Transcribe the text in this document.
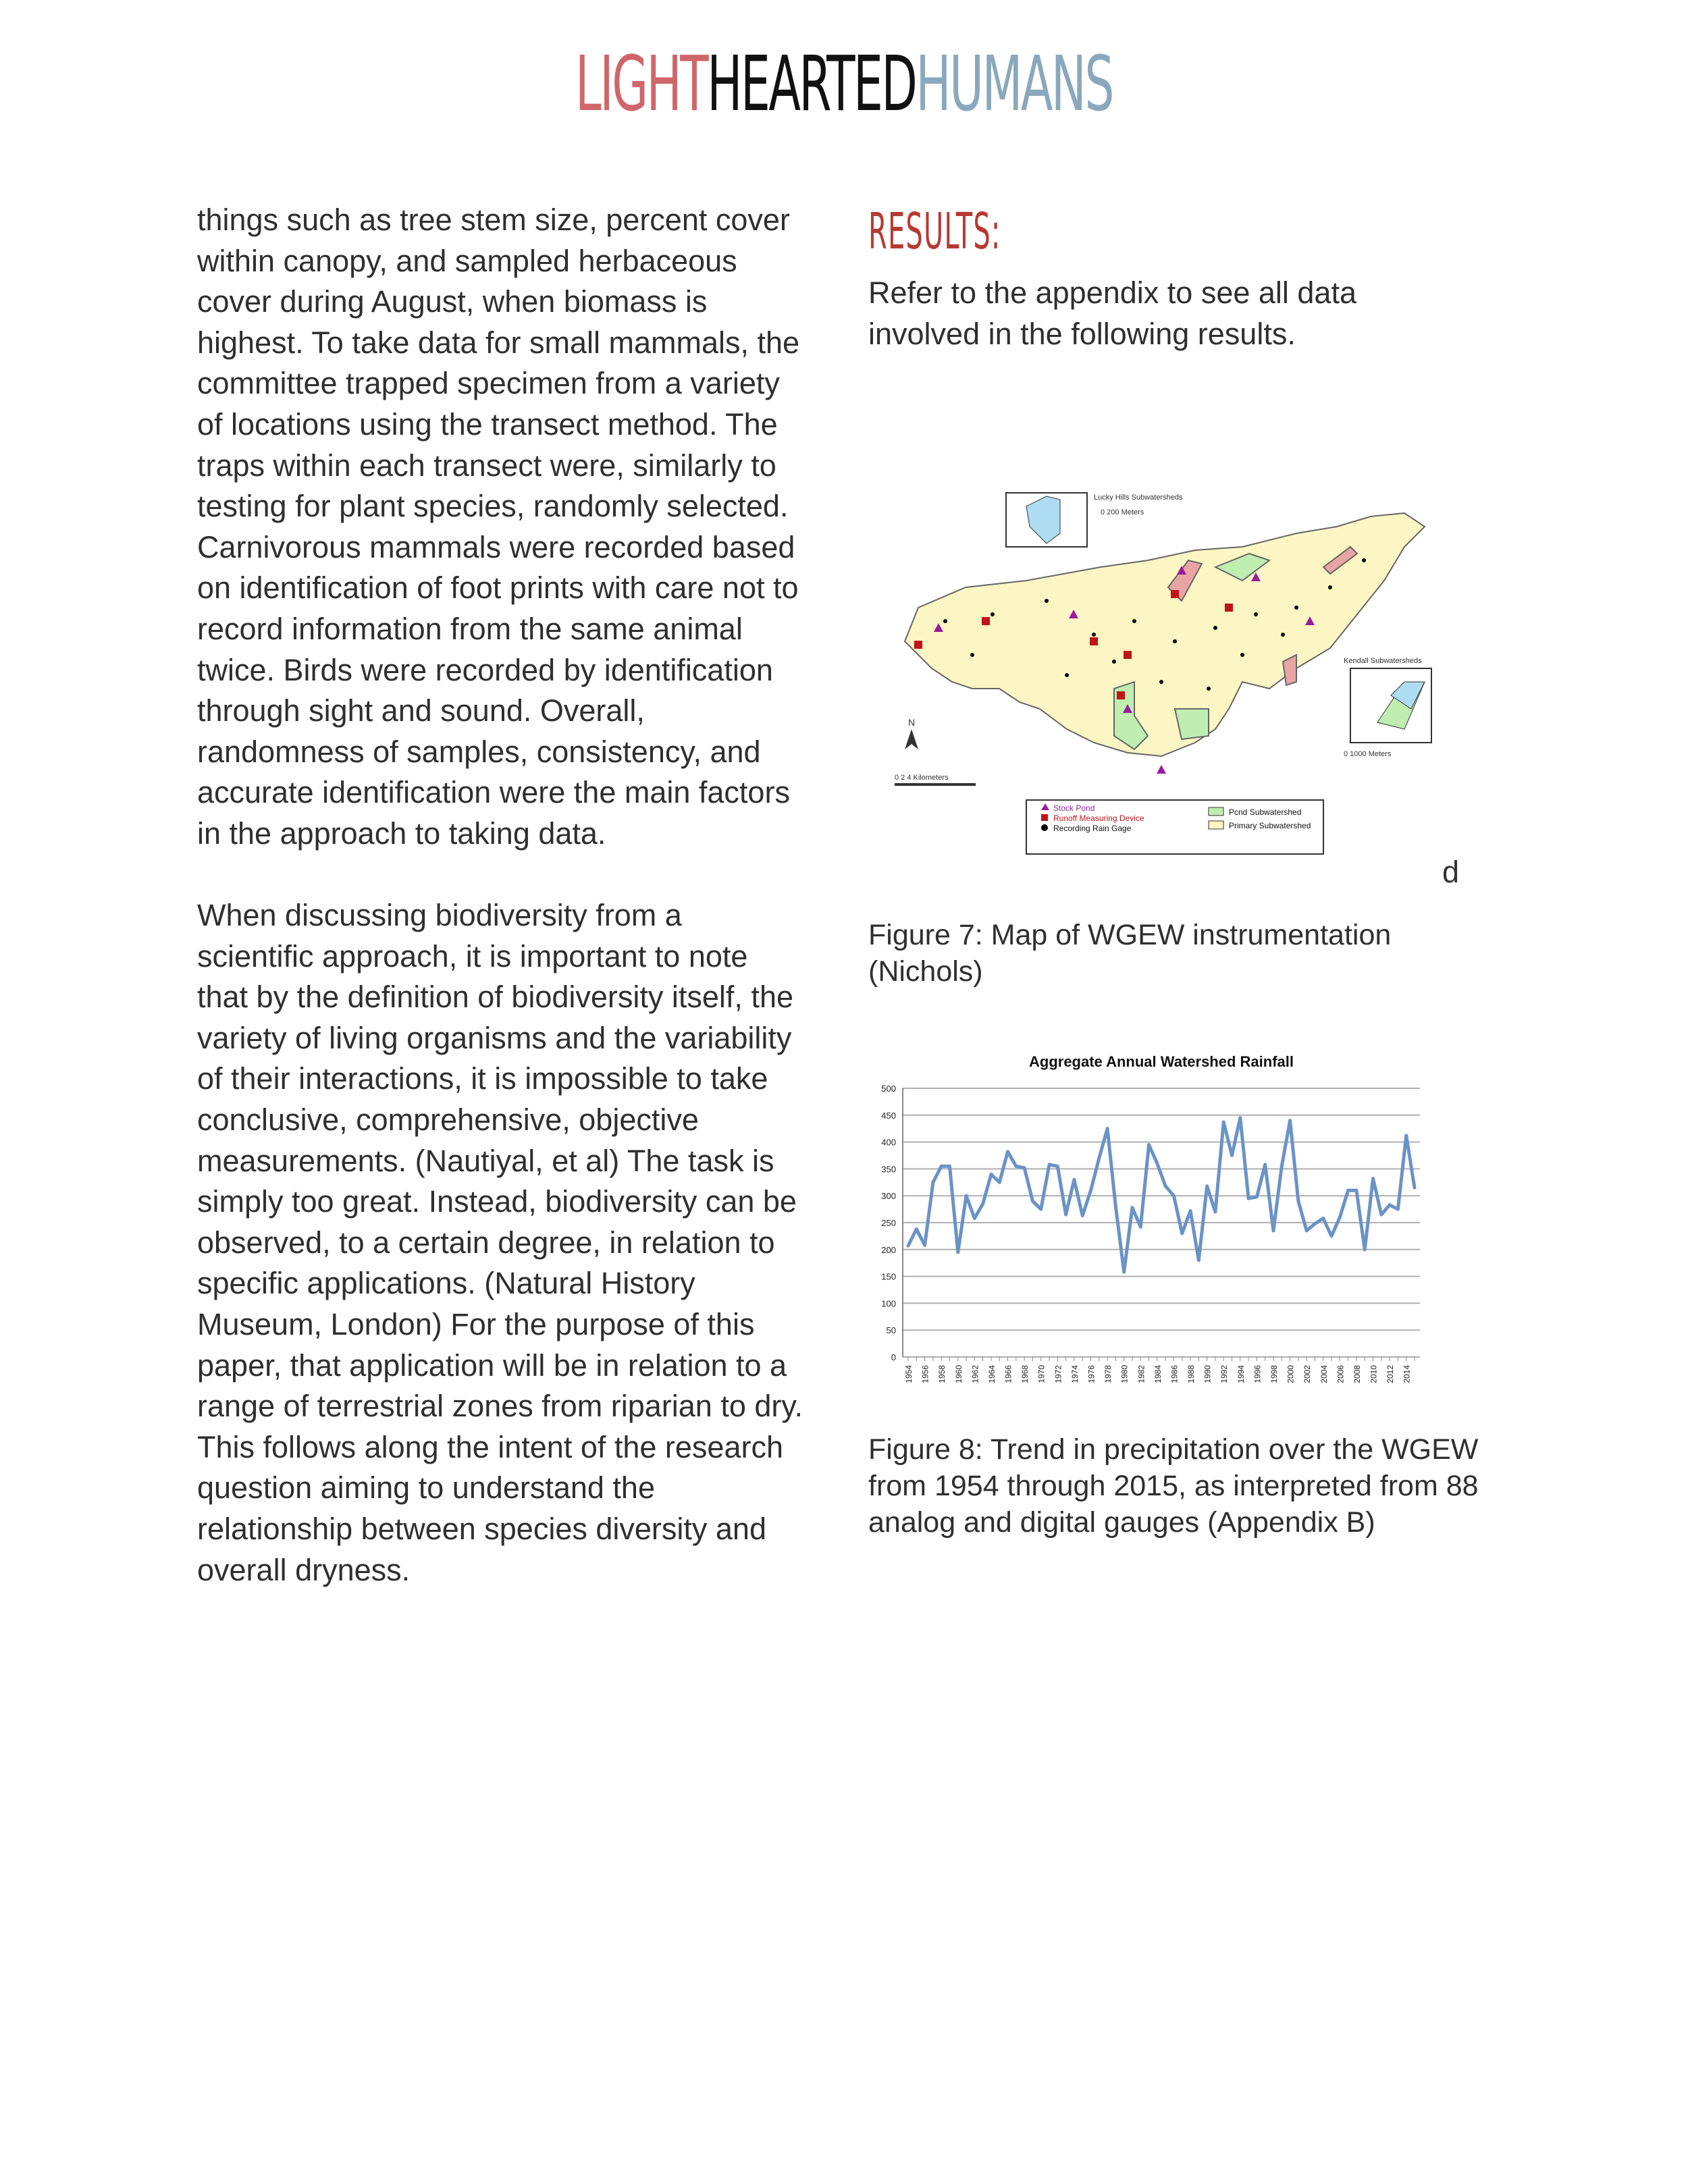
LIGHTHEARTEDHUMANS
things such as tree stem size, percent cover
within canopy, and sampled herbaceous
cover during August, when biomass is
highest. To take data for small mammals, the
committee trapped specimen from a variety
of locations using the transect method. The
traps within each transect were, similarly to
testing for plant species, randomly selected.
Carnivorous mammals were recorded based
on identification of foot prints with care not to
record information from the same animal
twice. Birds were recorded by identification
through sight and sound. Overall,
randomness of samples, consistency, and
accurate identification were the main factors
in the approach to taking data.
When discussing biodiversity from a
scientific approach, it is important to note
that by the definition of biodiversity itself, the
variety of living organisms and the variability
of their interactions, it is impossible to take
conclusive, comprehensive, objective
measurements. (Nautiyal, et al) The task is
simply too great. Instead, biodiversity can be
observed, to a certain degree, in relation to
specific applications. (Natural History
Museum, London) For the purpose of this
paper, that application will be in relation to a
range of terrestrial zones from riparian to dry.
This follows along the intent of the research
question aiming to understand the
relationship between species diversity and
overall dryness.
RESULTS:
Refer to the appendix to see all data
involved in the following results.
Lucky Hills Subwatersheds
0 200 Meters
Kendall Subwatersheds
0 1000 Meters
N
0 2 4 Kilometers
Stock Pond
Runoff Measuring Device
Recording Rain Gage
Pcnd Subwatershed
Primary Subwatershed
d
Figure 7: Map of WGEW instrumentation
(Nichols)
Aggregate Annual Watershed Rainfall
0
50
100
150
200
250
300
350
400
450
500
1954 1956 1958 1960 1962 1964 1966 1968 1970 1972 1974 1976 1978 1980 1982 1984 1986 1988 1990 1992 1994 1996 1998 2000 2002 2004 2006 2008 2010 2012 2014
Figure 8: Trend in precipitation over the WGEW
from 1954 through 2015, as interpreted from 88
analog and digital gauges (Appendix B)
